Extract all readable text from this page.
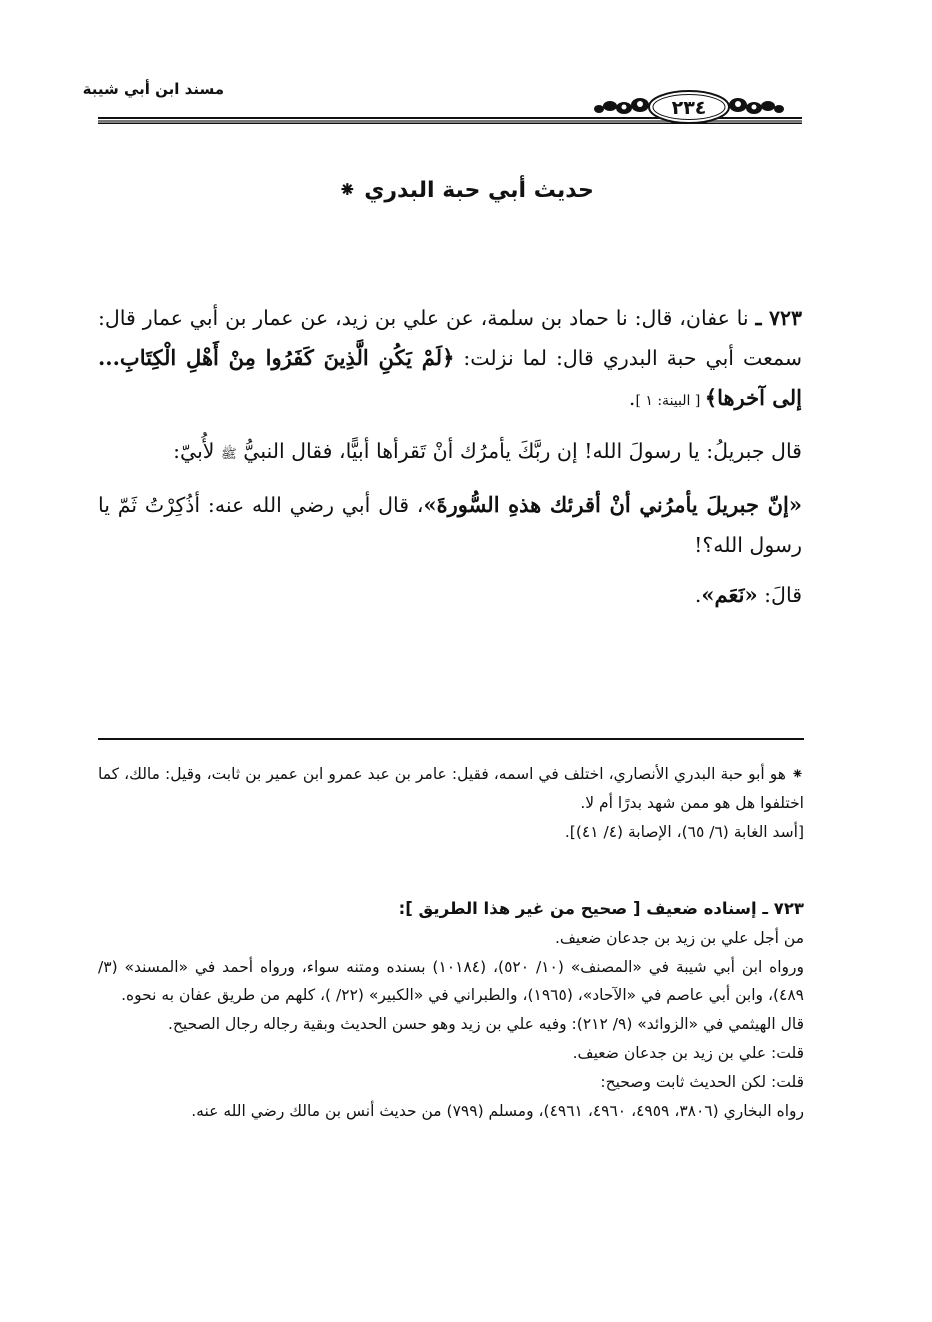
مسند ابن أبي شيبة
٢٣٤
حديث أبي حبة البدري ⁕

٧٢٣ ـ نا عفان، قال: نا حماد بن سلمة، عن علي بن زيد، عن عمار بن أبي عمار قال: سمعت أبي حبة البدري قال: لما نزلت: ﴿لَمْ يَكُنِ الَّذِينَ كَفَرُوا مِنْ أَهْلِ الْكِتَابِ... إلى آخرها﴾ [ البينة: ١ ].

قال جبريلُ: يا رسولَ الله! إن ربَّكَ يأمرُك أنْ تَقرأها أبيًّا، فقال النبيُّ ﷺ لأُبيّ:

«إنّ جبريلَ يأمرُني أنْ أقرئك هذهِ السُّورةَ»، قال أبي رضي الله عنه: أذُكِرْتُ ثَمّ يا رسول الله؟!

قالَ: «نَعَم».

⁕ هو أبو حبة البدري الأنصاري، اختلف في اسمه، فقيل: عامر بن عبد عمرو ابن عمير بن ثابت، وقيل: مالك، كما اختلفوا هل هو ممن شهد بدرًا أم لا.

[أسد الغابة (٦/ ٦٥)، الإصابة (٤/ ٤١)].

٧٢٣ ـ إسناده ضعيف [ صحيح من غير هذا الطريق ]:

من أجل علي بن زيد بن جدعان ضعيف.

ورواه ابن أبي شيبة في «المصنف» (١٠/ ٥٢٠)، (١٠١٨٤) بسنده ومتنه سواء، ورواه أحمد في «المسند» (٣/ ٤٨٩)، وابن أبي عاصم في «الآحاد»، (١٩٦٥)، والطبراني في «الكبير» (٢٢/ )، كلهم من طريق عفان به نحوه.

قال الهيثمي في «الزوائد» (٩/ ٢١٢): وفيه علي بن زيد وهو حسن الحديث وبقية رجاله رجال الصحيح.

قلت: علي بن زيد بن جدعان ضعيف.

قلت: لكن الحديث ثابت وصحيح:

رواه البخاري (٣٨٠٦، ٤٩٥٩، ٤٩٦٠، ٤٩٦١)، ومسلم (٧٩٩) من حديث أنس بن مالك رضي الله عنه.
